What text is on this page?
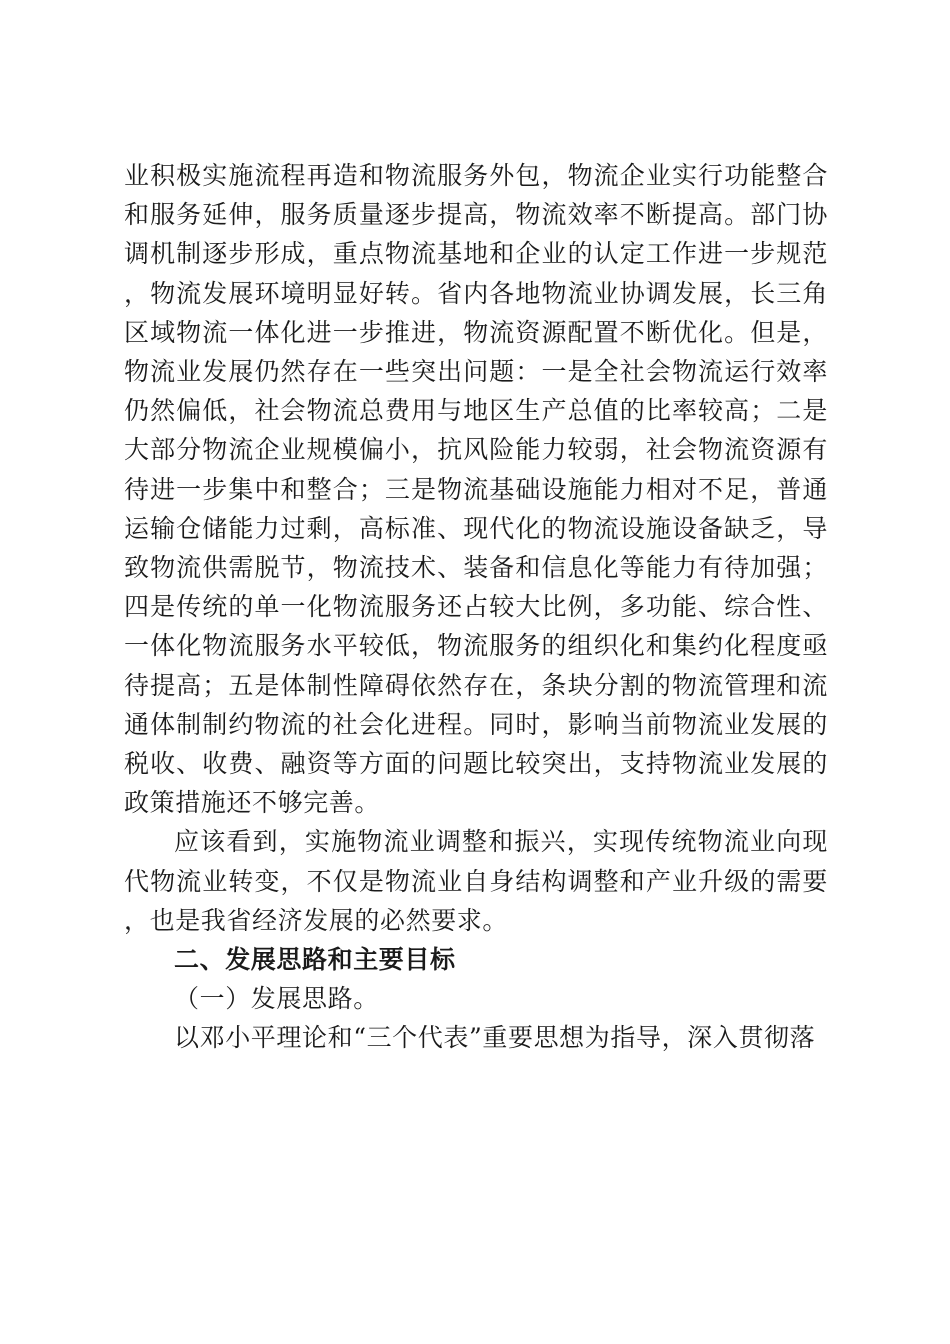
业积极实施流程再造和物流服务外包，物流企业实行功能整合和服务延伸，服务质量逐步提高，物流效率不断提高。部门协调机制逐步形成，重点物流基地和企业的认定工作进一步规范，物流发展环境明显好转。省内各地物流业协调发展，长三角区域物流一体化进一步推进，物流资源配置不断优化。但是，物流业发展仍然存在一些突出问题：一是全社会物流运行效率仍然偏低，社会物流总费用与地区生产总值的比率较高；二是大部分物流企业规模偏小，抗风险能力较弱，社会物流资源有待进一步集中和整合；三是物流基础设施能力相对不足，普通运输仓储能力过剩，高标准、现代化的物流设施设备缺乏，导致物流供需脱节，物流技术、装备和信息化等能力有待加强；四是传统的单一化物流服务还占较大比例，多功能、综合性、一体化物流服务水平较低，物流服务的组织化和集约化程度亟待提高；五是体制性障碍依然存在，条块分割的物流管理和流通体制制约物流的社会化进程。同时，影响当前物流业发展的税收、收费、融资等方面的问题比较突出，支持物流业发展的政策措施还不够完善。

应该看到，实施物流业调整和振兴，实现传统物流业向现代物流业转变，不仅是物流业自身结构调整和产业升级的需要，也是我省经济发展的必然要求。

二、发展思路和主要目标

（一）发展思路。

以邓小平理论和“三个代表”重要思想为指导，深入贯彻落
